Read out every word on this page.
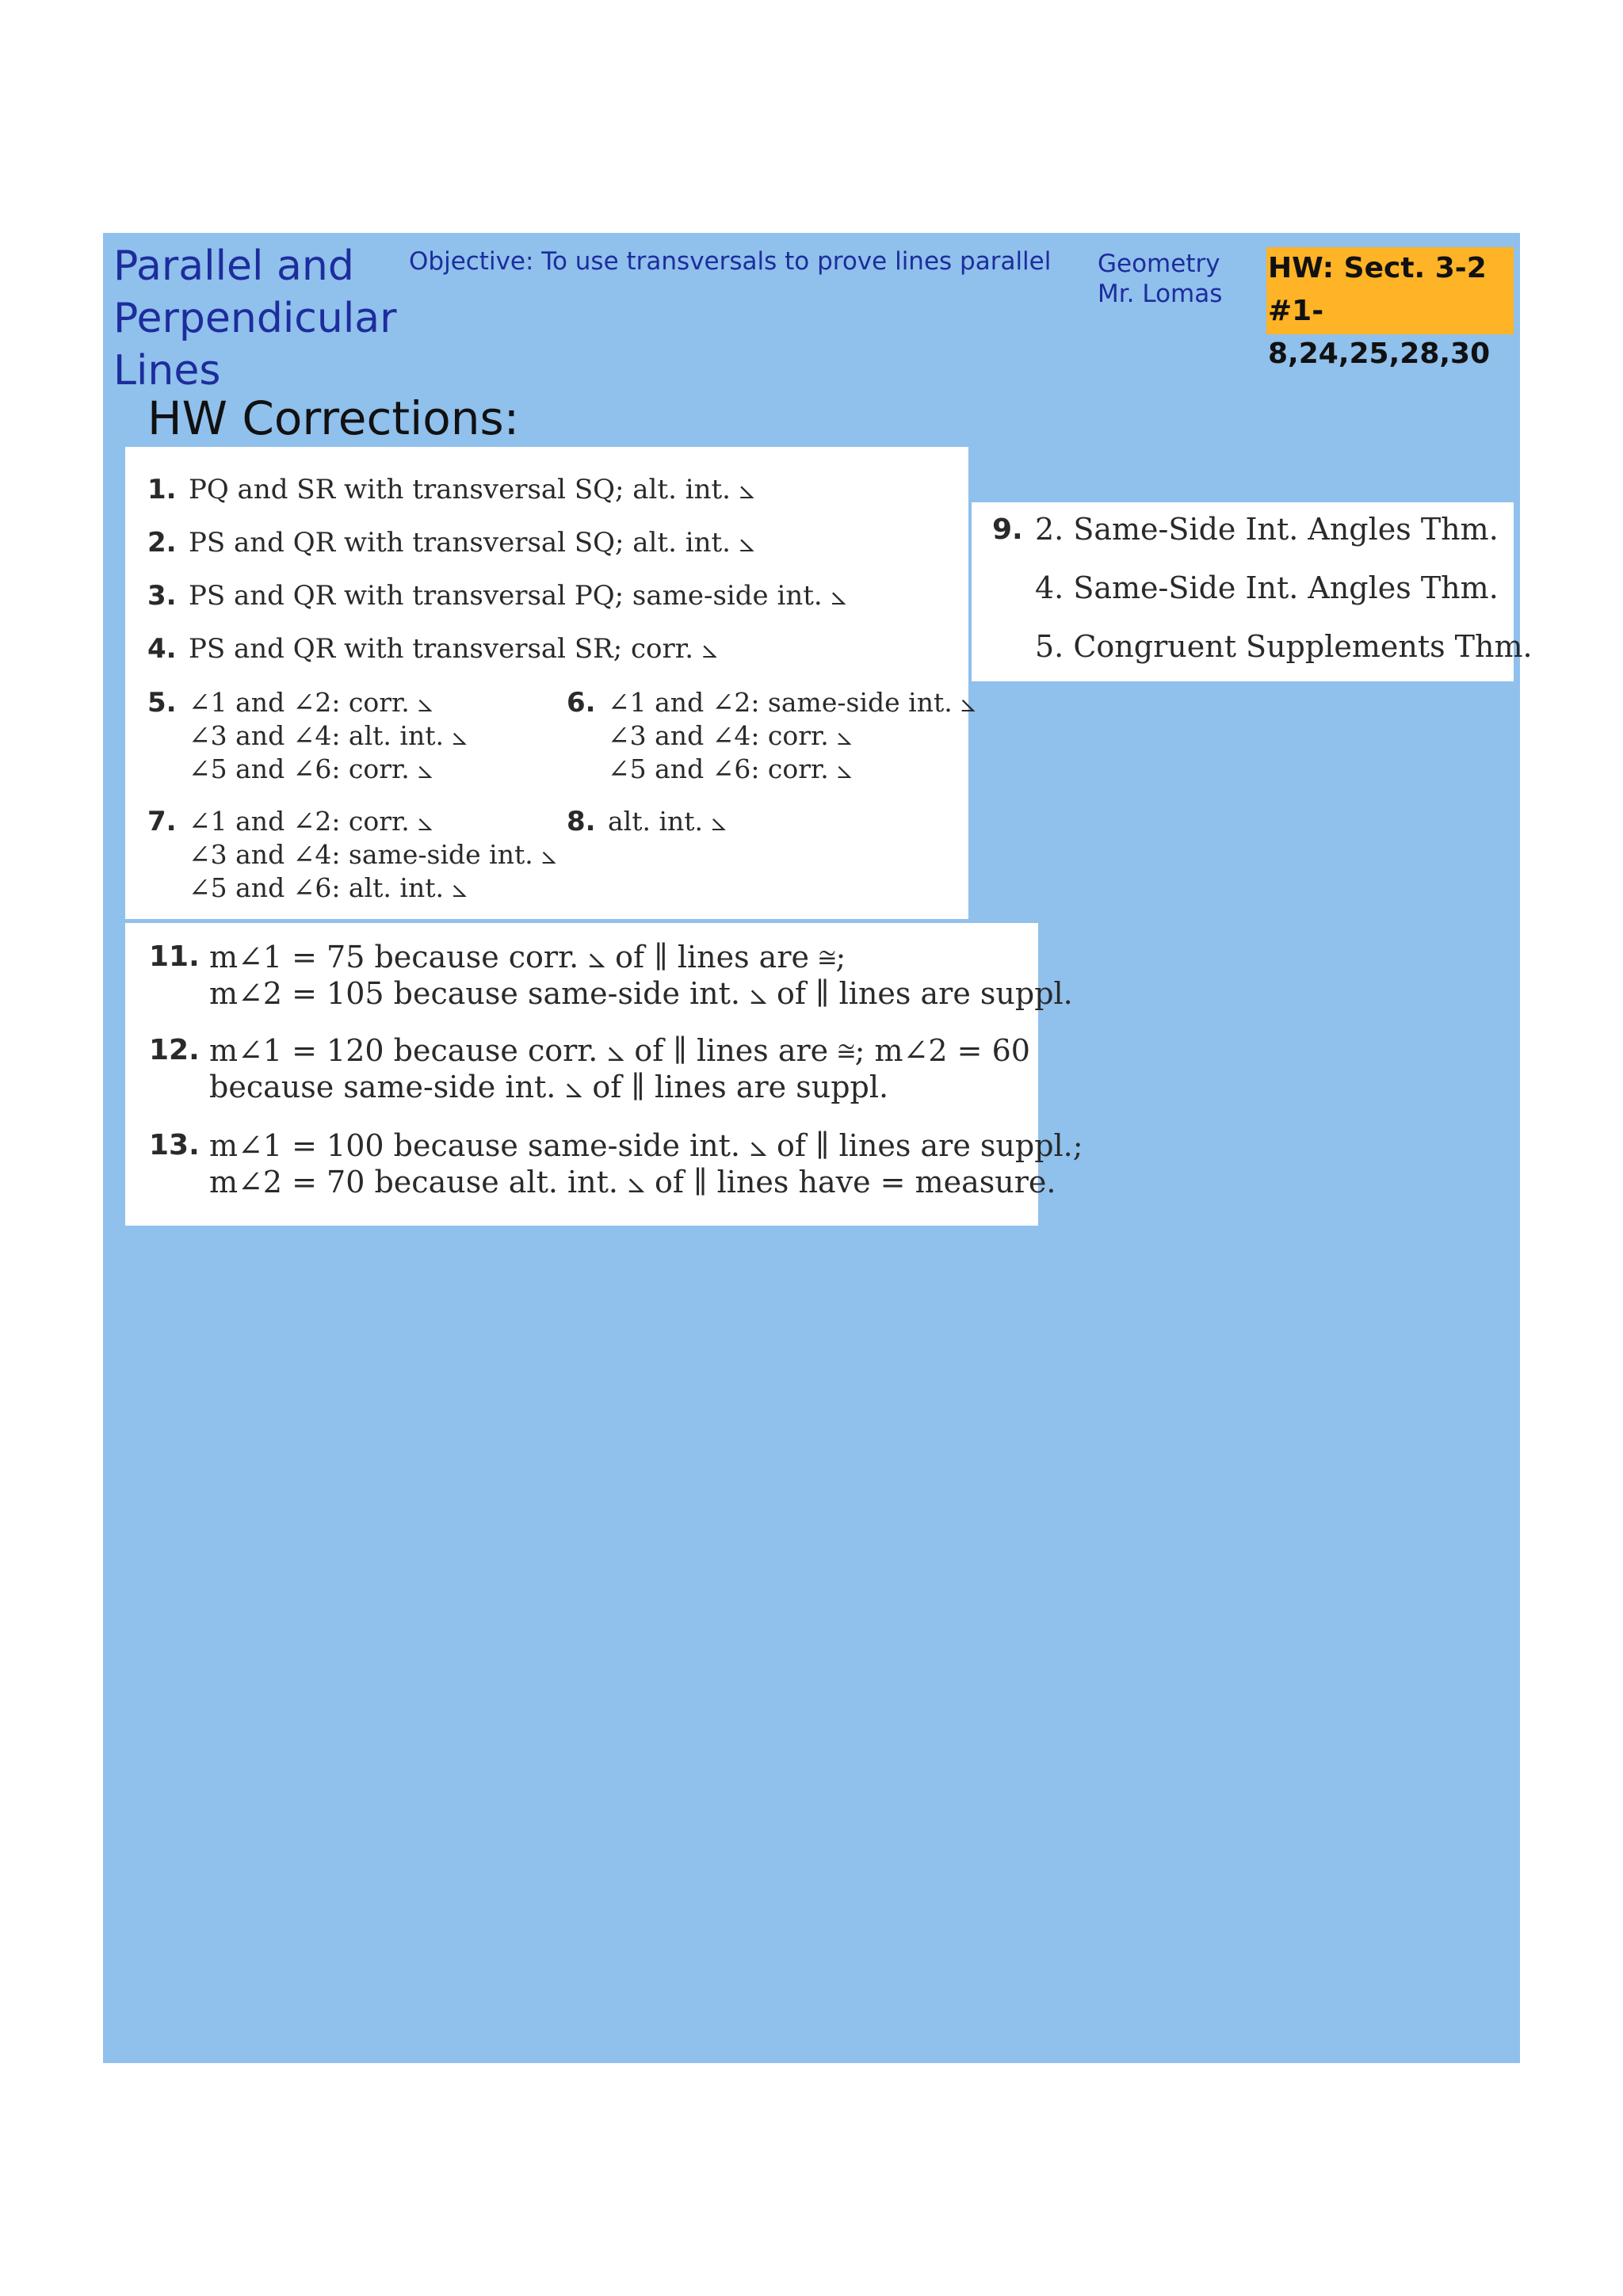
Parallel and
Perpendicular
Lines
Objective: To use transversals to prove lines parallel Geometry
Mr. Lomas
HW: Sect. 3-2
#1-8,24,25,28,30
HW Corrections:
1. PQ and SR with transversal SQ; alt. int. ⦣
2. PS and QR with transversal SQ; alt. int. ⦣
3. PS and QR with transversal PQ; same-side int. ⦣
4. PS and QR with transversal SR; corr. ⦣
5. ∠1 and ∠2: corr. ⦣
∠3 and ∠4: alt. int. ⦣
∠5 and ∠6: corr. ⦣
6. ∠1 and ∠2: same-side int. ⦣
∠3 and ∠4: corr. ⦣
∠5 and ∠6: corr. ⦣
7. ∠1 and ∠2: corr. ⦣
∠3 and ∠4: same-side int. ⦣
∠5 and ∠6: alt. int. ⦣
8. alt. int. ⦣
9. 2. Same-Side Int. Angles Thm.
4. Same-Side Int. Angles Thm.
5. Congruent Supplements Thm.
11. m∠1 = 75 because corr. ⦣ of ∥ lines are ≅;
m∠2 = 105 because same-side int. ⦣ of ∥ lines are suppl.
12. m∠1 = 120 because corr. ⦣ of ∥ lines are ≅; m∠2 = 60
because same-side int. ⦣ of ∥ lines are suppl.
13. m∠1 = 100 because same-side int. ⦣ of ∥ lines are suppl.;
m∠2 = 70 because alt. int. ⦣ of ∥ lines have = measure.
